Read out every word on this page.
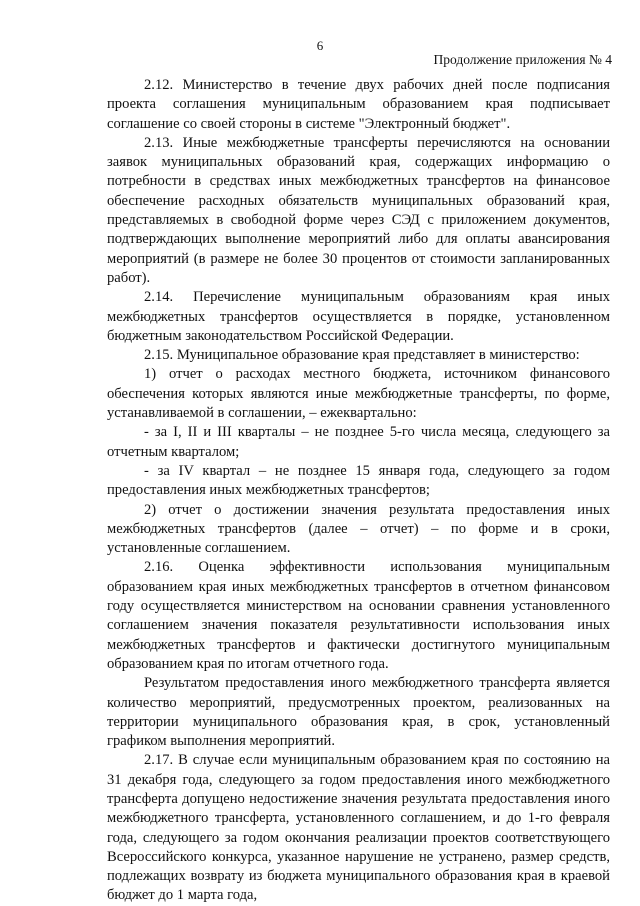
6
Продолжение приложения № 4

2.12. Министерство в течение двух рабочих дней после подписания проекта соглашения муниципальным образованием края подписывает соглашение со своей стороны в системе "Электронный бюджет".

2.13. Иные межбюджетные трансферты перечисляются на основании заявок муниципальных образований края, содержащих информацию о потребности в средствах иных межбюджетных трансфертов на финансовое обеспечение расходных обязательств муниципальных образований края, представляемых в свободной форме через СЭД с приложением документов, подтверждающих выполнение мероприятий либо для оплаты авансирования мероприятий (в размере не более 30 процентов от стоимости запланированных работ).

2.14. Перечисление муниципальным образованиям края иных межбюджетных трансфертов осуществляется в порядке, установленном бюджетным законодательством Российской Федерации.

2.15. Муниципальное образование края представляет в министерство:

1) отчет о расходах местного бюджета, источником финансового обеспечения которых являются иные межбюджетные трансферты, по форме, устанавливаемой в соглашении, – ежеквартально:

- за I, II и III кварталы – не позднее 5-го числа месяца, следующего за отчетным кварталом;

- за IV квартал – не позднее 15 января года, следующего за годом предоставления иных межбюджетных трансфертов;

2) отчет о достижении значения результата предоставления иных межбюджетных трансфертов (далее – отчет) – по форме и в сроки, установленные соглашением.

2.16. Оценка эффективности использования муниципальным образованием края иных межбюджетных трансфертов в отчетном финансовом году осуществляется министерством на основании сравнения установленного соглашением значения показателя результативности использования иных межбюджетных трансфертов и фактически достигнутого муниципальным образованием края по итогам отчетного года.

Результатом предоставления иного межбюджетного трансферта является количество мероприятий, предусмотренных проектом, реализованных на территории муниципального образования края, в срок, установленный графиком выполнения мероприятий.

2.17. В случае если муниципальным образованием края по состоянию на 31 декабря года, следующего за годом предоставления иного межбюджетного трансферта допущено недостижение значения результата предоставления иного межбюджетного трансферта, установленного соглашением, и до 1-го февраля года, следующего за годом окончания реализации проектов соответствующего Всероссийского конкурса, указанное нарушение не устранено, размер средств, подлежащих возврату из бюджета муниципального образования края в краевой бюджет до 1 марта года,
